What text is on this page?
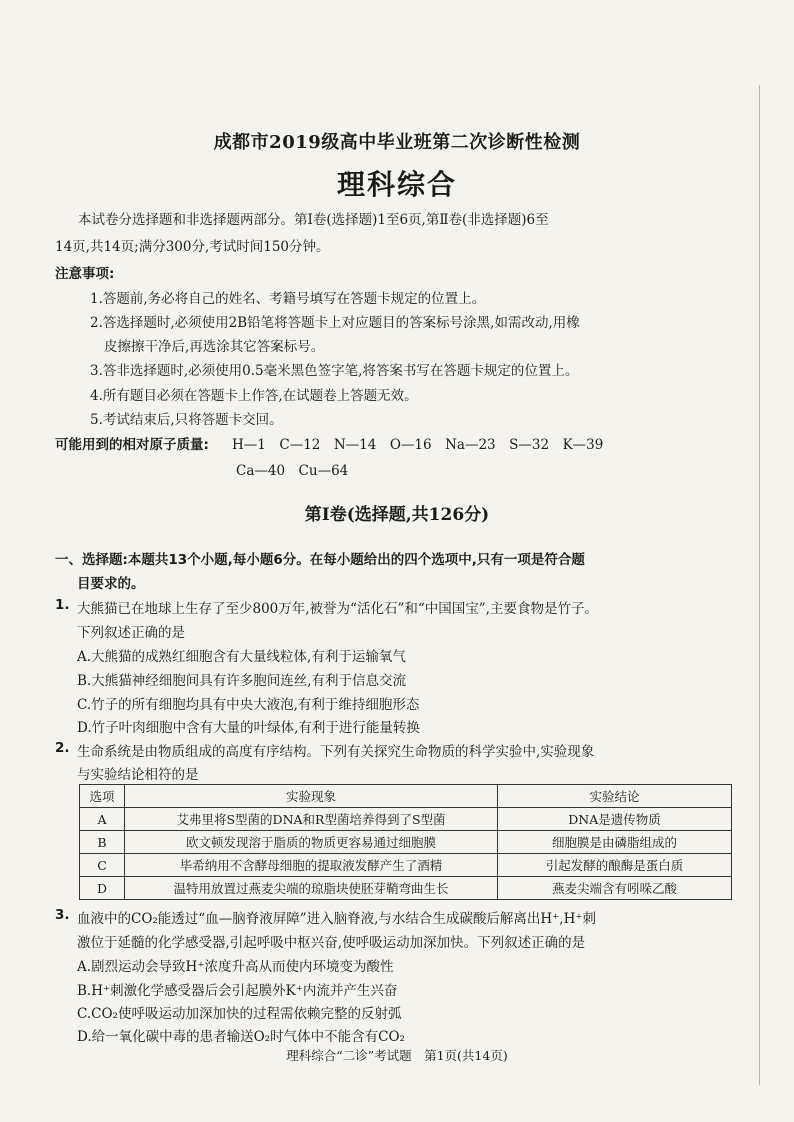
成都市2019级高中毕业班第二次诊断性检测
理科综合
本试卷分选择题和非选择题两部分。第Ⅰ卷(选择题)1至6页,第Ⅱ卷(非选择题)6至
14页,共14页;满分300分,考试时间150分钟。
注意事项:
1.答题前,务必将自己的姓名、考籍号填写在答题卡规定的位置上。
2.答选择题时,必须使用2B铅笔将答题卡上对应题目的答案标号涂黑,如需改动,用橡
皮擦擦干净后,再选涂其它答案标号。
3.答非选择题时,必须使用0.5毫米黑色签字笔,将答案书写在答题卡规定的位置上。
4.所有题目必须在答题卡上作答,在试题卷上答题无效。
5.考试结束后,只将答题卡交回。
可能用到的相对原子质量: H—1　C—12　N—14　O—16　Na—23　S—32　K—39
Ca—40　Cu—64
第Ⅰ卷(选择题,共126分)
一、选择题:本题共13个小题,每小题6分。在每小题给出的四个选项中,只有一项是符合题
目要求的。
1. 大熊猫已在地球上生存了至少800万年,被誉为“活化石”和“中国国宝”,主要食物是竹子。
下列叙述正确的是
A.大熊猫的成熟红细胞含有大量线粒体,有利于运输氧气
B.大熊猫神经细胞间具有许多胞间连丝,有利于信息交流
C.竹子的所有细胞均具有中央大液泡,有利于维持细胞形态
D.竹子叶肉细胞中含有大量的叶绿体,有利于进行能量转换
2. 生命系统是由物质组成的高度有序结构。下列有关探究生命物质的科学实验中,实验现象
与实验结论相符的是
选项	实验现象	实验结论
A	艾弗里将S型菌的DNA和R型菌培养得到了S型菌	DNA是遗传物质
B	欧文顿发现溶于脂质的物质更容易通过细胞膜	细胞膜是由磷脂组成的
C	毕希纳用不含酵母细胞的提取液发酵产生了酒精	引起发酵的酿酶是蛋白质
D	温特用放置过燕麦尖端的琼脂块使胚芽鞘弯曲生长	燕麦尖端含有吲哚乙酸
3. 血液中的CO₂能透过“血—脑脊液屏障”进入脑脊液,与水结合生成碳酸后解离出H⁺,H⁺刺
激位于延髓的化学感受器,引起呼吸中枢兴奋,使呼吸运动加深加快。下列叙述正确的是
A.剧烈运动会导致H⁺浓度升高从而使内环境变为酸性
B.H⁺刺激化学感受器后会引起膜外K⁺内流并产生兴奋
C.CO₂使呼吸运动加深加快的过程需依赖完整的反射弧
D.给一氧化碳中毒的患者输送O₂时气体中不能含有CO₂
理科综合“二诊”考试题　第1页(共14页)
